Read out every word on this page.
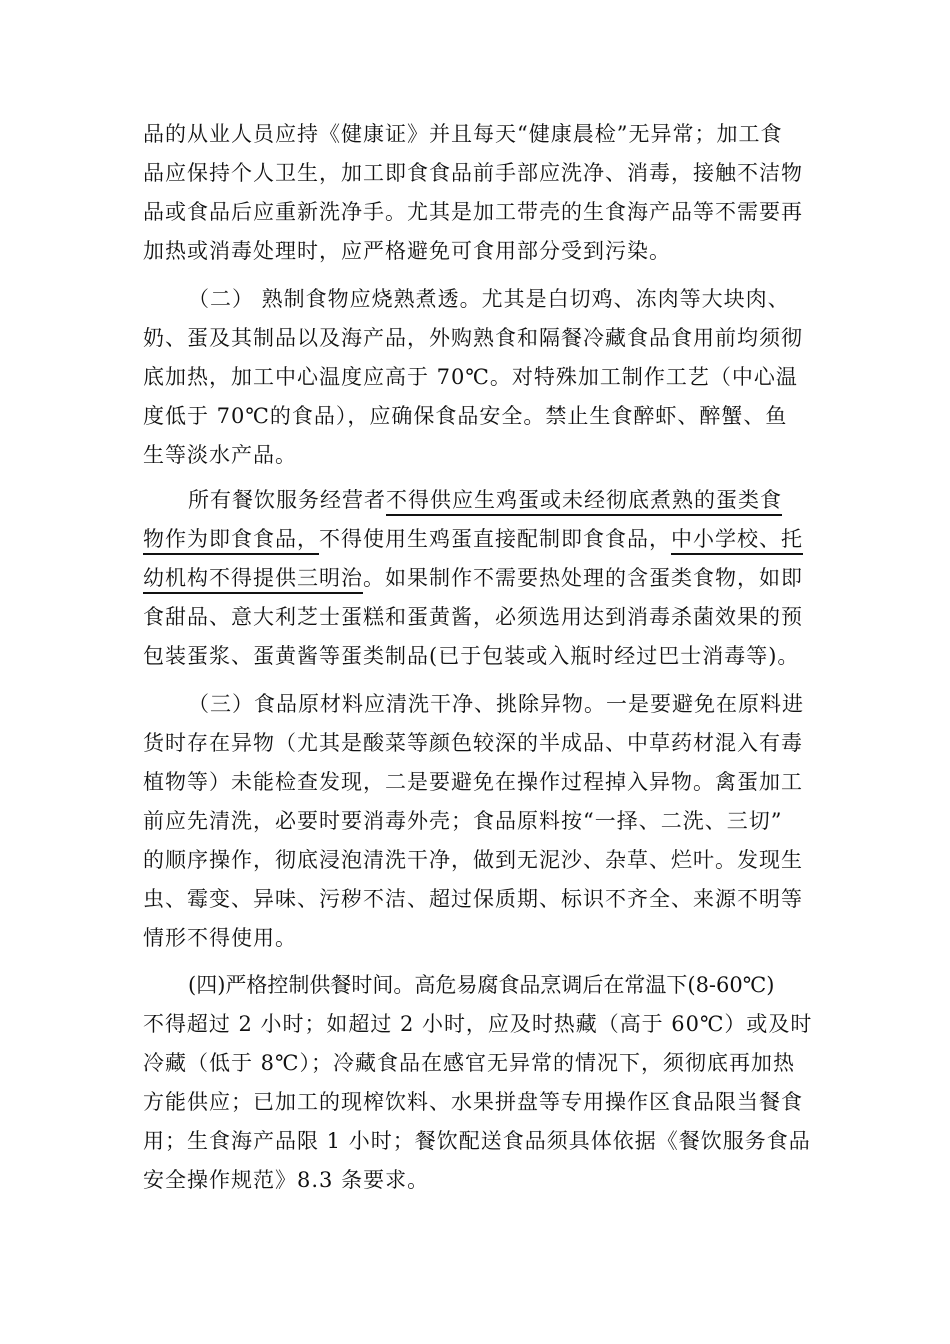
品的从业人员应持《健康证》并且每天“健康晨检”无异常；加工食
品应保持个人卫生，加工即食食品前手部应洗净、消毒，接触不洁物
品或食品后应重新洗净手。尤其是加工带壳的生食海产品等不需要再
加热或消毒处理时，应严格避免可食用部分受到污染。
（二） 熟制食物应烧熟煮透。尤其是白切鸡、冻肉等大块肉、
奶、蛋及其制品以及海产品，外购熟食和隔餐冷藏食品食用前均须彻
底加热，加工中心温度应高于 70℃。对特殊加工制作工艺（中心温
度低于 70℃的食品），应确保食品安全。禁止生食醉虾、醉蟹、鱼
生等淡水产品。
所有餐饮服务经营者不得供应生鸡蛋或未经彻底煮熟的蛋类食
物作为即食食品，不得使用生鸡蛋直接配制即食食品，中小学校、托
幼机构不得提供三明治。如果制作不需要热处理的含蛋类食物，如即
食甜品、意大利芝士蛋糕和蛋黄酱，必须选用达到消毒杀菌效果的预
包装蛋浆、蛋黄酱等蛋类制品(已于包装或入瓶时经过巴士消毒等)。
（三）食品原材料应清洗干净、挑除异物。一是要避免在原料进
货时存在异物（尤其是酸菜等颜色较深的半成品、中草药材混入有毒
植物等）未能检查发现，二是要避免在操作过程掉入异物。禽蛋加工
前应先清洗，必要时要消毒外壳；食品原料按“一择、二洗、三切”
的顺序操作，彻底浸泡清洗干净，做到无泥沙、杂草、烂叶。发现生
虫、霉变、异味、污秽不洁、超过保质期、标识不齐全、来源不明等
情形不得使用。
(四)严格控制供餐时间。高危易腐食品烹调后在常温下(8-60℃)
不得超过 2 小时；如超过 2 小时，应及时热藏（高于 60℃）或及时
冷藏（低于 8℃）；冷藏食品在感官无异常的情况下，须彻底再加热
方能供应；已加工的现榨饮料、水果拼盘等专用操作区食品限当餐食
用；生食海产品限 1 小时；餐饮配送食品须具体依据《餐饮服务食品
安全操作规范》8.3 条要求。
